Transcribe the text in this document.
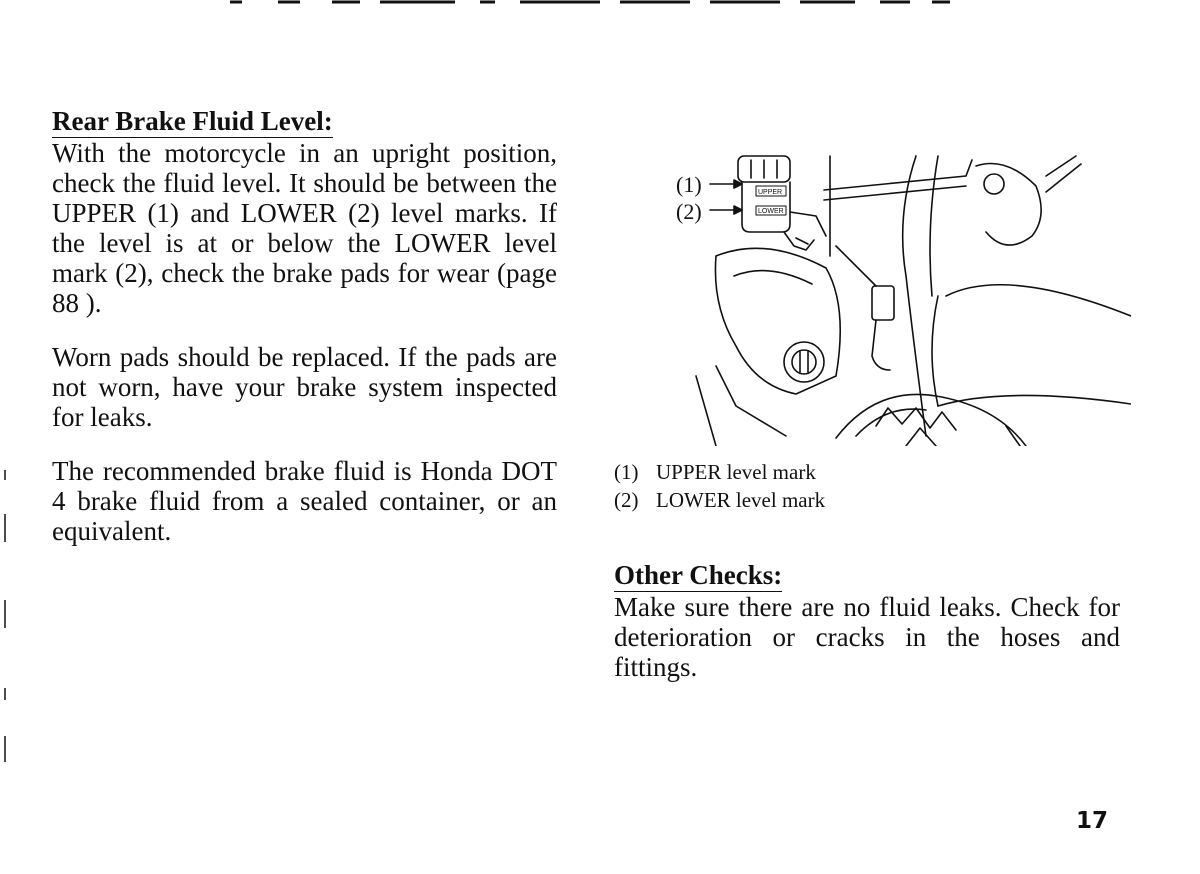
Rear Brake Fluid Level:

With the motorcycle in an upright position, check the fluid level. It should be between the UPPER (1) and LOWER (2) level marks. If the level is at or below the LOWER level mark (2), check the brake pads for wear (page 88 ).

Worn pads should be replaced. If the pads are not worn, have your brake system inspected for leaks.

The recommended brake fluid is Honda DOT 4 brake fluid from a sealed container, or an equivalent.

(1)
(2)
UPPER
LOWER
(1) UPPER level mark
(2) LOWER level mark
Other Checks:

Make sure there are no fluid leaks. Check for deterioration or cracks in the hoses and fittings.

17
